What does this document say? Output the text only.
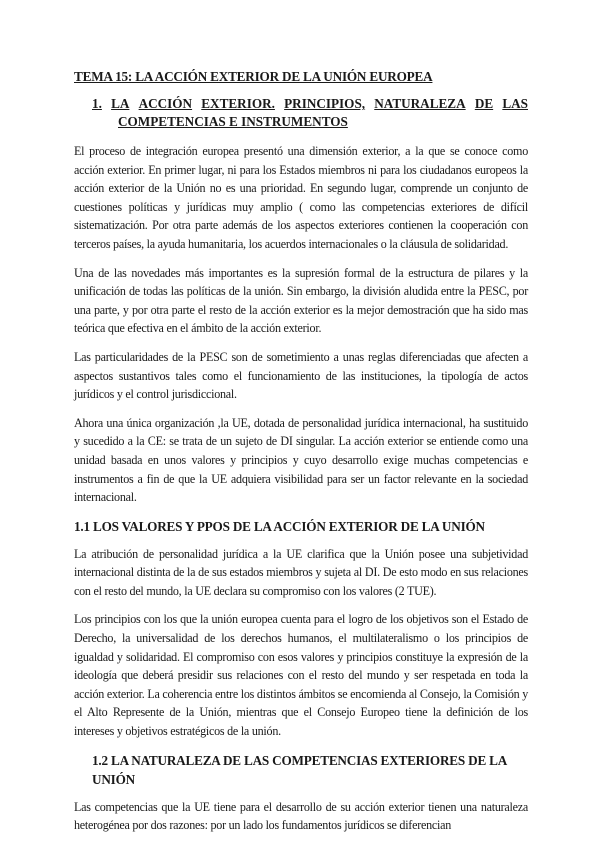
TEMA 15: LA ACCIÓN EXTERIOR DE LA UNIÓN EUROPEA
1. LA ACCIÓN EXTERIOR. PRINCIPIOS, NATURALEZA DE LAS
COMPETENCIAS E INSTRUMENTOS

El proceso de integración europea presentó una dimensión exterior, a la que se conoce como acción exterior. En primer lugar, ni para los Estados miembros ni para los ciudadanos europeos la acción exterior de la Unión no es una prioridad. En segundo lugar, comprende un conjunto de cuestiones políticas y jurídicas muy amplio ( como las competencias exteriores de difícil sistematización. Por otra parte además de los aspectos exteriores contienen la cooperación con terceros países, la ayuda humanitaria, los acuerdos internacionales o la cláusula de solidaridad.

Una de las novedades más importantes es la supresión formal de la estructura de pilares y la unificación de todas las políticas de la unión. Sin embargo, la división aludida entre la PESC, por una parte, y por otra parte el resto de la acción exterior es la mejor demostración que ha sido mas teórica que efectiva en el ámbito de la acción exterior.

Las particularidades de la PESC son de sometimiento a unas reglas diferenciadas que afecten a aspectos sustantivos tales como el funcionamiento de las instituciones, la tipología de actos jurídicos y el control jurisdiccional.

Ahora una única organización ,la UE, dotada de personalidad jurídica internacional, ha sustituido y sucedido a la CE: se trata de un sujeto de DI singular. La acción exterior se entiende como una unidad basada en unos valores y principios y cuyo desarrollo exige muchas competencias e instrumentos a fin de que la UE adquiera visibilidad para ser un factor relevante en la sociedad internacional.

1.1 LOS VALORES Y PPOS DE LA ACCIÓN EXTERIOR DE LA UNIÓN

La atribución de personalidad jurídica a la UE clarifica que la Unión posee una subjetividad internacional distinta de la de sus estados miembros y sujeta al DI. De esto modo en sus relaciones con el resto del mundo, la UE declara su compromiso con los valores (2 TUE).

Los principios con los que la unión europea cuenta para el logro de los objetivos son el Estado de Derecho, la universalidad de los derechos humanos, el multilateralismo o los principios de igualdad y solidaridad. El compromiso con esos valores y principios constituye la expresión de la ideología que deberá presidir sus relaciones con el resto del mundo y ser respetada en toda la acción exterior. La coherencia entre los distintos ámbitos se encomienda al Consejo, la Comisión y el Alto Represente de la Unión, mientras que el Consejo Europeo tiene la definición de los intereses y objetivos estratégicos de la unión.

1.2 LA NATURALEZA DE LAS COMPETENCIAS EXTERIORES DE LA UNIÓN

Las competencias que la UE tiene para el desarrollo de su acción exterior tienen una naturaleza heterogénea por dos razones: por un lado los fundamentos jurídicos se diferencian
